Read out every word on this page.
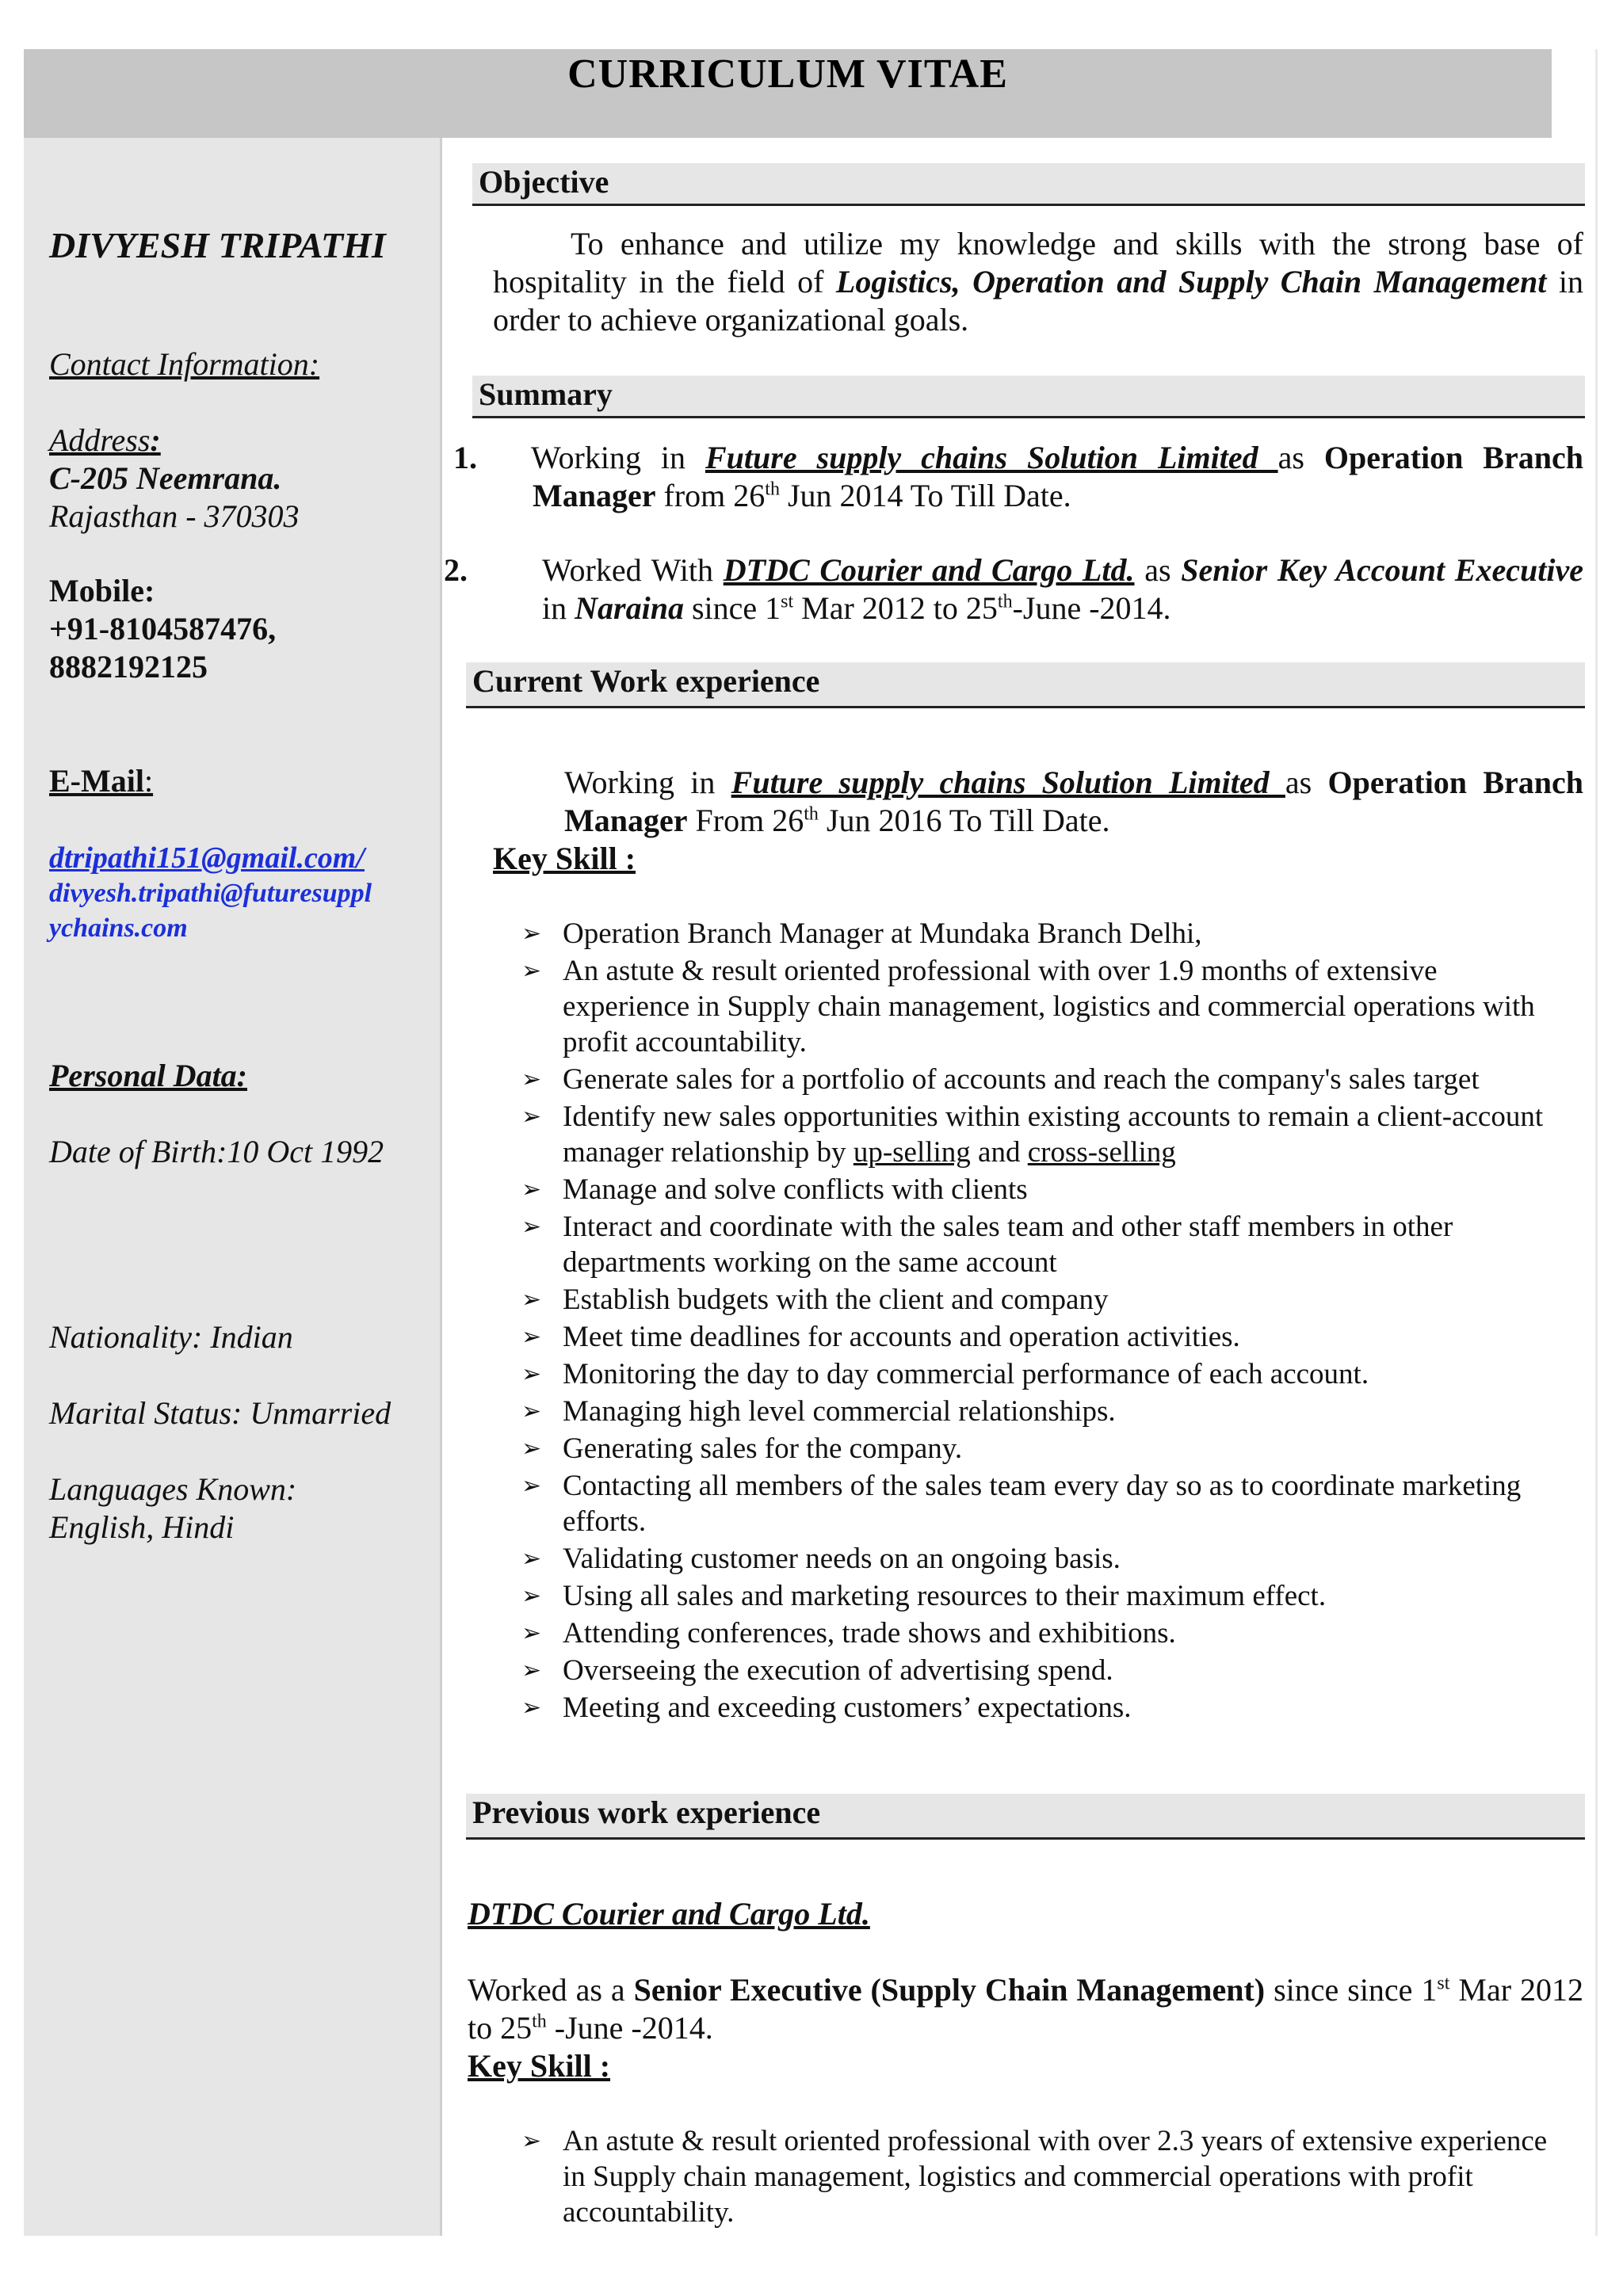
CURRICULUM VITAE
DIVYESH TRIPATHI
Contact Information:
Address:
C-205 Neemrana.
Rajasthan - 370303
Mobile:
+91-8104587476,
8882192125
E-Mail:
dtripathi151@gmail.com/
divyesh.tripathi@futuresuppl
ychains.com
Personal Data:
Date of Birth:10 Oct 1992
Nationality: Indian
Marital Status: Unmarried
Languages Known:
English, Hindi
Objective
To enhance and utilize my knowledge and skills with the strong base of hospitality in the field of Logistics, Operation and Supply Chain Management in order to achieve organizational goals.
Summary
1. Working in Future supply chains Solution Limited as Operation Branch Manager from 26th Jun 2014 To Till Date.
2. Worked With DTDC Courier and Cargo Ltd. as Senior Key Account Executive in Naraina since 1st Mar 2012 to 25th-June -2014.
Current Work experience
Working in Future supply chains Solution Limited as Operation Branch Manager From 26th Jun 2016 To Till Date.
Key Skill :
➢ Operation Branch Manager at Mundaka Branch Delhi,
➢ An astute & result oriented professional with over 1.9 months of extensive experience in Supply chain management, logistics and commercial operations with profit accountability.
➢ Generate sales for a portfolio of accounts and reach the company's sales target
➢ Identify new sales opportunities within existing accounts to remain a client-account manager relationship by up-selling and cross-selling
➢ Manage and solve conflicts with clients
➢ Interact and coordinate with the sales team and other staff members in other departments working on the same account
➢ Establish budgets with the client and company
➢ Meet time deadlines for accounts and operation activities.
➢ Monitoring the day to day commercial performance of each account.
➢ Managing high level commercial relationships.
➢ Generating sales for the company.
➢ Contacting all members of the sales team every day so as to coordinate marketing efforts.
➢ Validating customer needs on an ongoing basis.
➢ Using all sales and marketing resources to their maximum effect.
➢ Attending conferences, trade shows and exhibitions.
➢ Overseeing the execution of advertising spend.
➢ Meeting and exceeding customers’ expectations.
Previous work experience
DTDC Courier and Cargo Ltd.
Worked as a Senior Executive (Supply Chain Management) since since 1st Mar 2012 to 25th -June -2014.
Key Skill :
➢ An astute & result oriented professional with over 2.3 years of extensive experience in Supply chain management, logistics and commercial operations with profit accountability.
